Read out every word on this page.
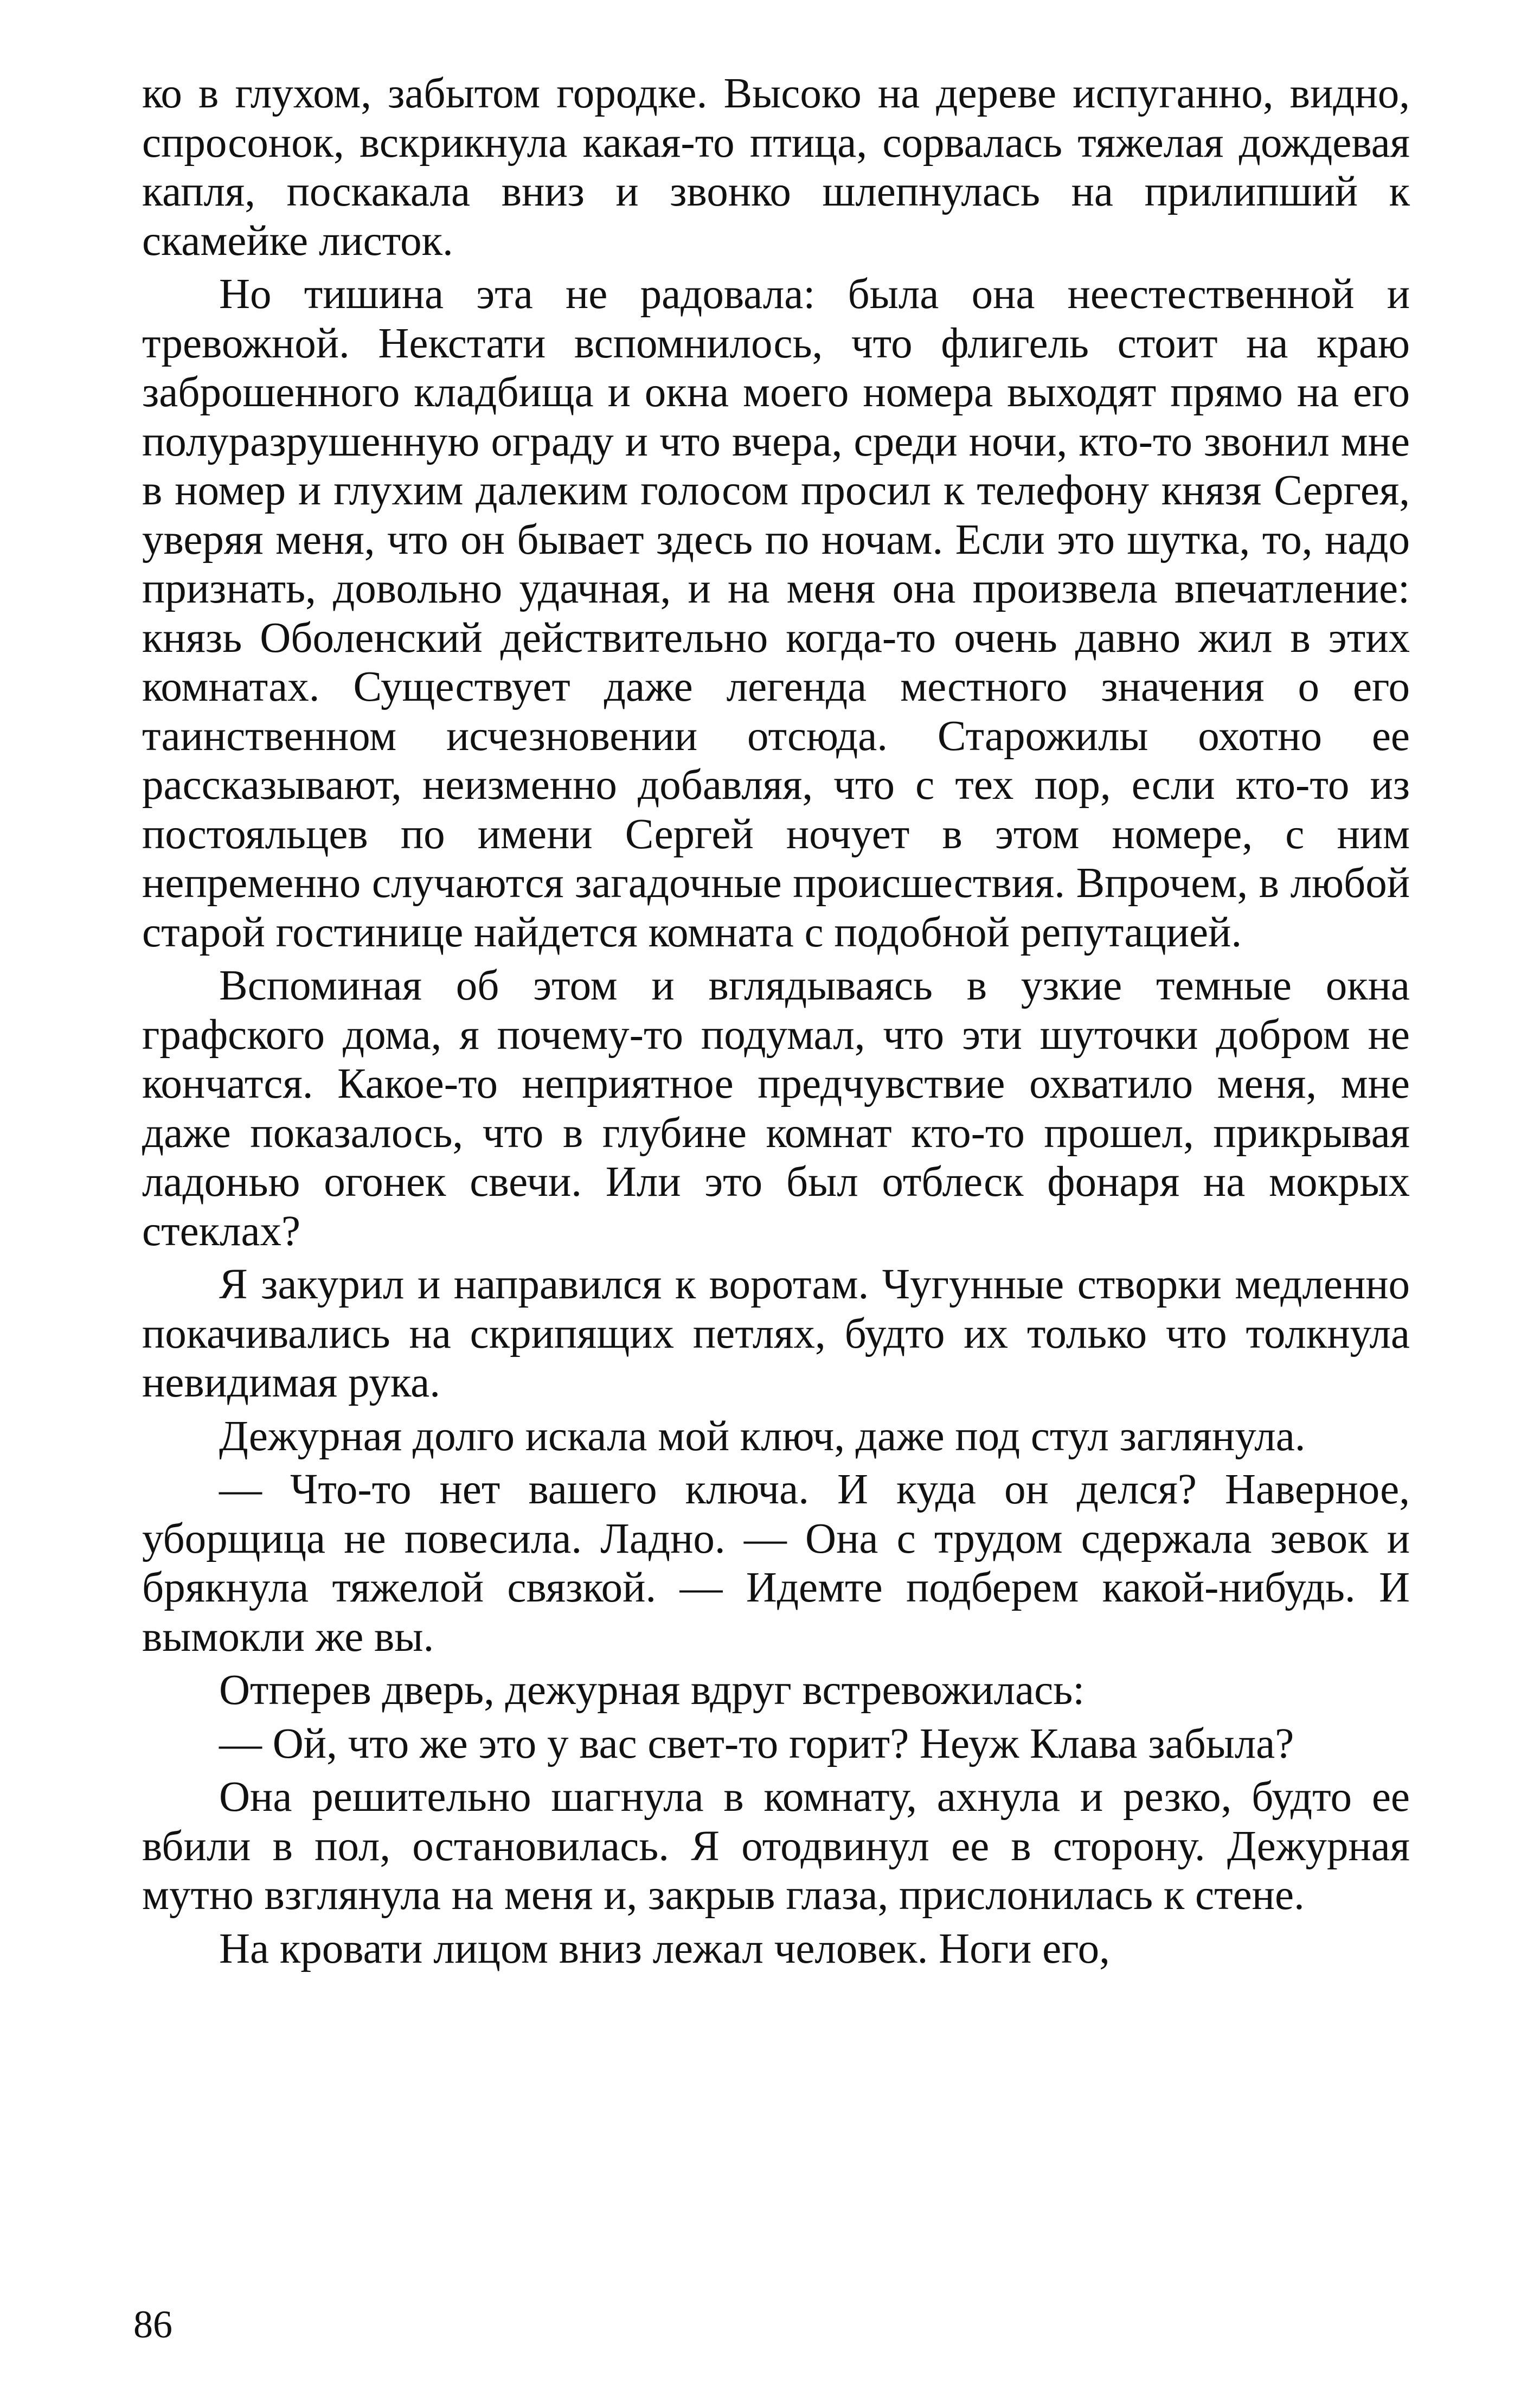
ко в глухом, забытом городке. Высоко на дереве испуганно, видно, спросонок, вскрикнула какая-то птица, сорвалась тяжелая дождевая капля, поскакала вниз и звонко шлепнулась на прилипший к скамейке листок.

Но тишина эта не радовала: была она неестественной и тревожной. Некстати вспомнилось, что флигель стоит на краю заброшенного кладбища и окна моего номера выходят прямо на его полуразрушенную ограду и что вчера, среди ночи, кто-то звонил мне в номер и глухим далеким голосом просил к телефону князя Сергея, уверяя меня, что он бывает здесь по ночам. Если это шутка, то, надо признать, довольно удачная, и на меня она произвела впечатление: князь Оболенский действительно когда-то очень давно жил в этих комнатах. Существует даже легенда местного значения о его таинственном исчезновении отсюда. Старожилы охотно ее рассказывают, неизменно добавляя, что с тех пор, если кто-то из постояльцев по имени Сергей ночует в этом номере, с ним непременно случаются загадочные происшествия. Впрочем, в любой старой гостинице найдется комната с подобной репутацией.

Вспоминая об этом и вглядываясь в узкие темные окна графского дома, я почему-то подумал, что эти шуточки добром не кончатся. Какое-то неприятное предчувствие охватило меня, мне даже показалось, что в глубине комнат кто-то прошел, прикрывая ладонью огонек свечи. Или это был отблеск фонаря на мокрых стеклах?

Я закурил и направился к воротам. Чугунные створки медленно покачивались на скрипящих петлях, будто их только что толкнула невидимая рука.

Дежурная долго искала мой ключ, даже под стул заглянула.

— Что-то нет вашего ключа. И куда он делся? Наверное, уборщица не повесила. Ладно. — Она с трудом сдержала зевок и брякнула тяжелой связкой. — Идемте подберем какой-нибудь. И вымокли же вы.

Отперев дверь, дежурная вдруг встревожилась:

— Ой, что же это у вас свет-то горит? Неуж Клава забыла?

Она решительно шагнула в комнату, ахнула и резко, будто ее вбили в пол, остановилась. Я отодвинул ее в сторону. Дежурная мутно взглянула на меня и, закрыв глаза, прислонилась к стене.

На кровати лицом вниз лежал человек. Ноги его,

86
